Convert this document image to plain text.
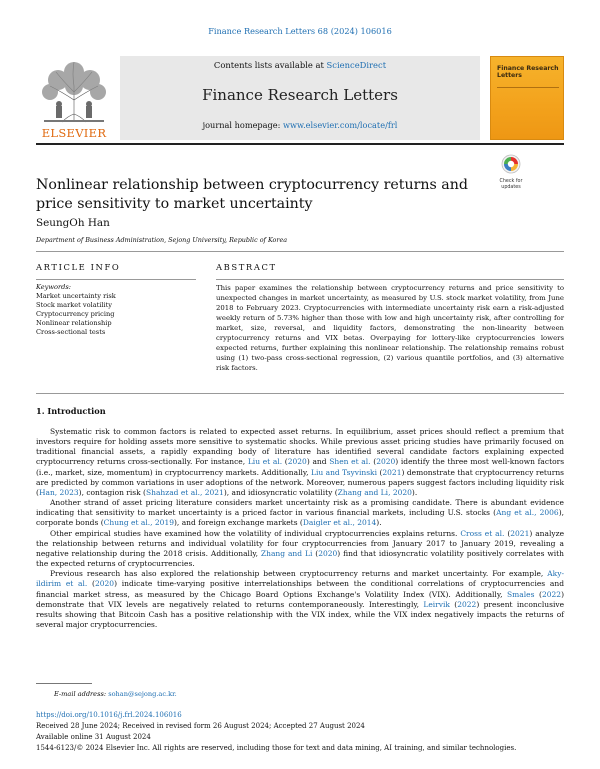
Finance Research Letters 68 (2024) 106016
ELSEVIER
Contents lists available at ScienceDirect
Finance Research Letters
journal homepage: www.elsevier.com/locate/frl
Finance Research Letters
Check for updates
Nonlinear relationship between cryptocurrency returns and price sensitivity to market uncertainty
SeungOh Han
Department of Business Administration, Sejong University, Republic of Korea
ARTICLE INFO
Keywords:
Market uncertainty risk
Stock market volatility
Cryptocurrency pricing
Nonlinear relationship
Cross-sectional tests
ABSTRACT
This paper examines the relationship between cryptocurrency returns and price sensitivity to unexpected changes in market uncertainty, as measured by U.S. stock market volatility, from June 2018 to February 2023. Cryptocurrencies with intermediate uncertainty risk earn a risk-adjusted weekly return of 5.73% higher than those with low and high uncertainty risk, after controlling for market, size, reversal, and liquidity factors, demonstrating the non-linearity between cryptocurrency returns and VIX betas. Overpaying for lottery-like cryptocurrencies lowers expected returns, further explaining this nonlinear relationship. The relationship remains robust using (1) two-pass cross-sectional regression, (2) various quantile portfolios, and (3) alternative risk factors.
1. Introduction

Systematic risk to common factors is related to expected asset returns. In equilibrium, asset prices should reflect a premium that investors require for holding assets more sensitive to systematic shocks. While previous asset pricing studies have primarily focused on traditional financial assets, a rapidly expanding body of literature has identified several candidate factors explaining expected cryptocurrency returns cross-sectionally. For instance, Liu et al. (2020) and Shen et al. (2020) identify the three most well-known factors (i.e., market, size, momentum) in cryptocurrency markets. Additionally, Liu and Tsyvinski (2021) demonstrate that cryptocurrency returns are predicted by common variations in user adoptions of the network. Moreover, numerous papers suggest factors including liquidity risk (Han, 2023), contagion risk (Shahzad et al., 2021), and idiosyncratic volatility (Zhang and Li, 2020).

Another strand of asset pricing literature considers market uncertainty risk as a promising candidate. There is abundant evidence indicating that sensitivity to market uncertainty is a priced factor in various financial markets, including U.S. stocks (Ang et al., 2006), corporate bonds (Chung et al., 2019), and foreign exchange markets (Daigler et al., 2014).

Other empirical studies have examined how the volatility of individual cryptocurrencies explains returns. Cross et al. (2021) analyze the relationship between returns and individual volatility for four cryptocurrencies from January 2017 to January 2019, revealing a negative relationship during the 2018 crisis. Additionally, Zhang and Li (2020) find that idiosyncratic volatility positively correlates with the expected returns of cryptocurrencies.

Previous research has also explored the relationship between cryptocurrency returns and market uncertainty. For example, Aky-ildirim et al. (2020) indicate time-varying positive interrelationships between the conditional correlations of cryptocurrencies and financial market stress, as measured by the Chicago Board Options Exchange's Volatility Index (VIX). Additionally, Smales (2022) demonstrate that VIX levels are negatively related to returns contemporaneously. Interestingly, Leirvik (2022) present inconclusive results showing that Bitcoin Cash has a positive relationship with the VIX index, while the VIX index negatively impacts the returns of several major cryptocurrencies.

E-mail address: sohan@sejong.ac.kr.
https://doi.org/10.1016/j.frl.2024.106016
Received 28 June 2024; Received in revised form 26 August 2024; Accepted 27 August 2024
Available online 31 August 2024
1544-6123/© 2024 Elsevier Inc. All rights are reserved, including those for text and data mining, AI training, and similar technologies.
